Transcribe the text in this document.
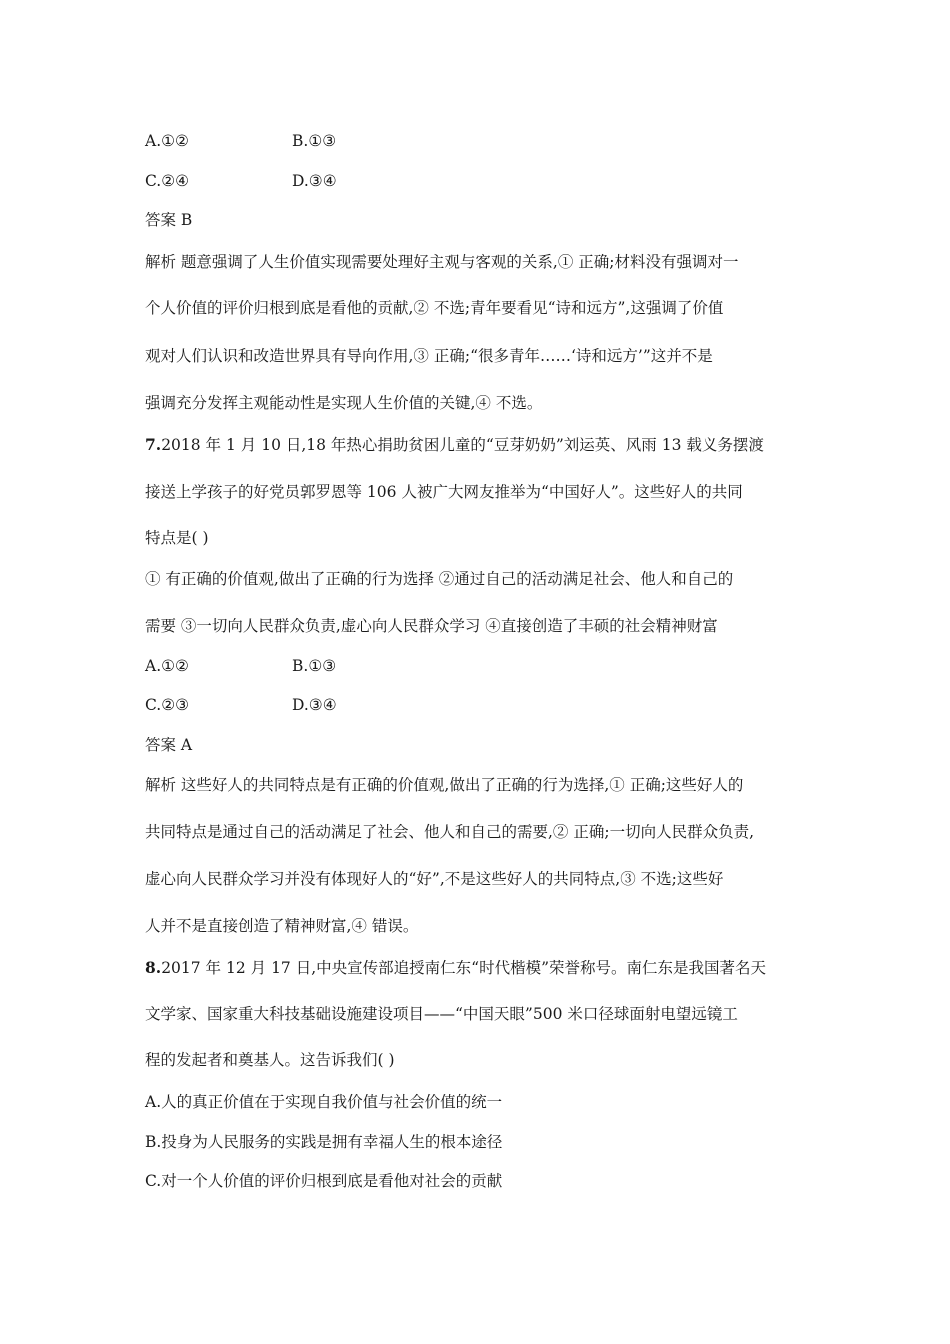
A.①②	B.①③
C.②④	D.③④
答案 B
解析 题意强调了人生价值实现需要处理好主观与客观的关系,① 正确;材料没有强调对一
个人价值的评价归根到底是看他的贡献,② 不选;青年要看见“诗和远方”,这强调了价值
观对人们认识和改造世界具有导向作用,③ 正确;“很多青年……‘诗和远方’”这并不是
强调充分发挥主观能动性是实现人生价值的关键,④ 不选。
7.2018 年 1 月 10 日,18 年热心捐助贫困儿童的“豆芽奶奶”刘运英、风雨 13 载义务摆渡
接送上学孩子的好党员郭罗恩等 106 人被广大网友推举为“中国好人”。这些好人的共同
特点是( )
① 有正确的价值观,做出了正确的行为选择 ②通过自己的活动满足社会、他人和自己的
需要 ③一切向人民群众负责,虚心向人民群众学习 ④直接创造了丰硕的社会精神财富
A.①②	B.①③
C.②③	D.③④
答案 A
解析 这些好人的共同特点是有正确的价值观,做出了正确的行为选择,① 正确;这些好人的
共同特点是通过自己的活动满足了社会、他人和自己的需要,② 正确;一切向人民群众负责,
虚心向人民群众学习并没有体现好人的“好”,不是这些好人的共同特点,③ 不选;这些好
人并不是直接创造了精神财富,④ 错误。
8.2017 年 12 月 17 日,中央宣传部追授南仁东“时代楷模”荣誉称号。南仁东是我国著名天
文学家、国家重大科技基础设施建设项目——“中国天眼”500 米口径球面射电望远镜工
程的发起者和奠基人。这告诉我们( )
A.人的真正价值在于实现自我价值与社会价值的统一
B.投身为人民服务的实践是拥有幸福人生的根本途径
C.对一个人价值的评价归根到底是看他对社会的贡献
